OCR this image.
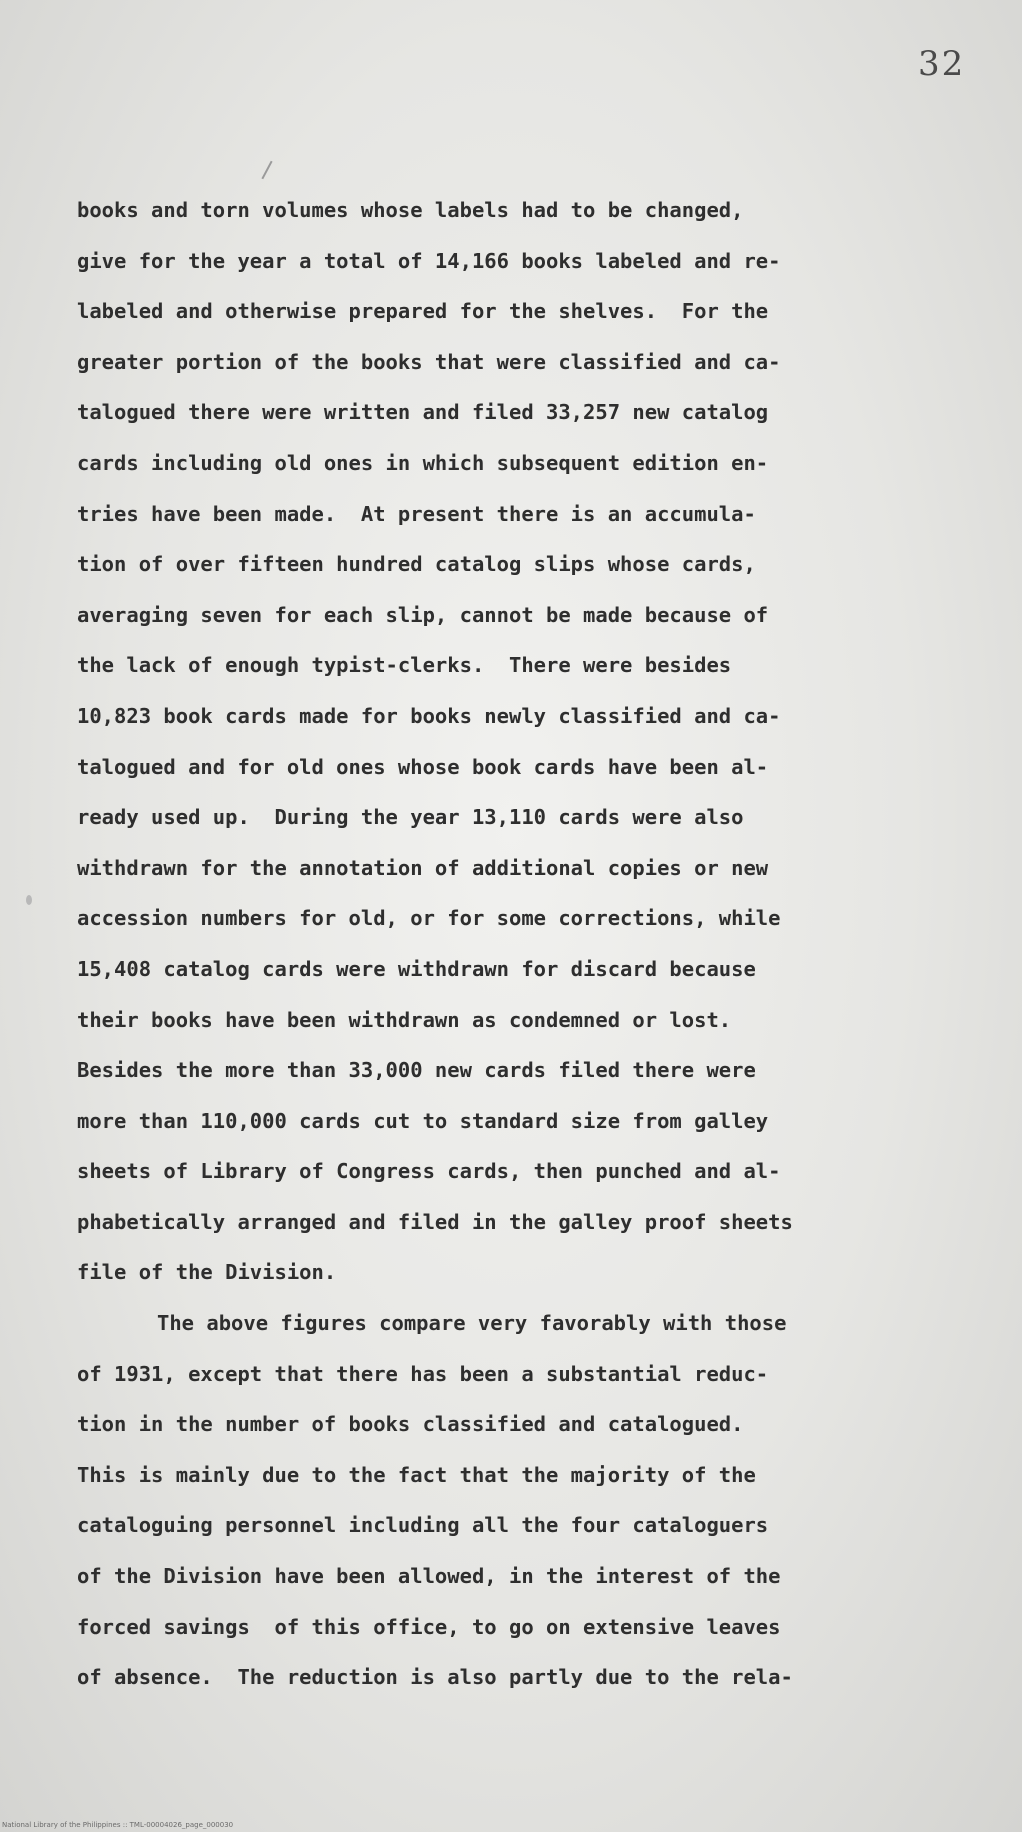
32
books and torn volumes whose labels had to be changed,
give for the year a total of 14,166 books labeled and re-
labeled and otherwise prepared for the shelves.  For the
greater portion of the books that were classified and ca-
talogued there were written and filed 33,257 new catalog
cards including old ones in which subsequent edition en-
tries have been made.  At present there is an accumula-
tion of over fifteen hundred catalog slips whose cards,
averaging seven for each slip, cannot be made because of
the lack of enough typist-clerks.  There were besides
10,823 book cards made for books newly classified and ca-
talogued and for old ones whose book cards have been al-
ready used up.  During the year 13,110 cards were also
withdrawn for the annotation of additional copies or new
accession numbers for old, or for some corrections, while
15,408 catalog cards were withdrawn for discard because
their books have been withdrawn as condemned or lost.
Besides the more than 33,000 new cards filed there were
more than 110,000 cards cut to standard size from galley
sheets of Library of Congress cards, then punched and al-
phabetically arranged and filed in the galley proof sheets
file of the Division.
The above figures compare very favorably with those
of 1931, except that there has been a substantial reduc-
tion in the number of books classified and catalogued.
This is mainly due to the fact that the majority of the
cataloguing personnel including all the four cataloguers
of the Division have been allowed, in the interest of the
forced savings  of this office, to go on extensive leaves
of absence.  The reduction is also partly due to the rela-
National Library of the Philippines :: TML-00004026_page_000030
